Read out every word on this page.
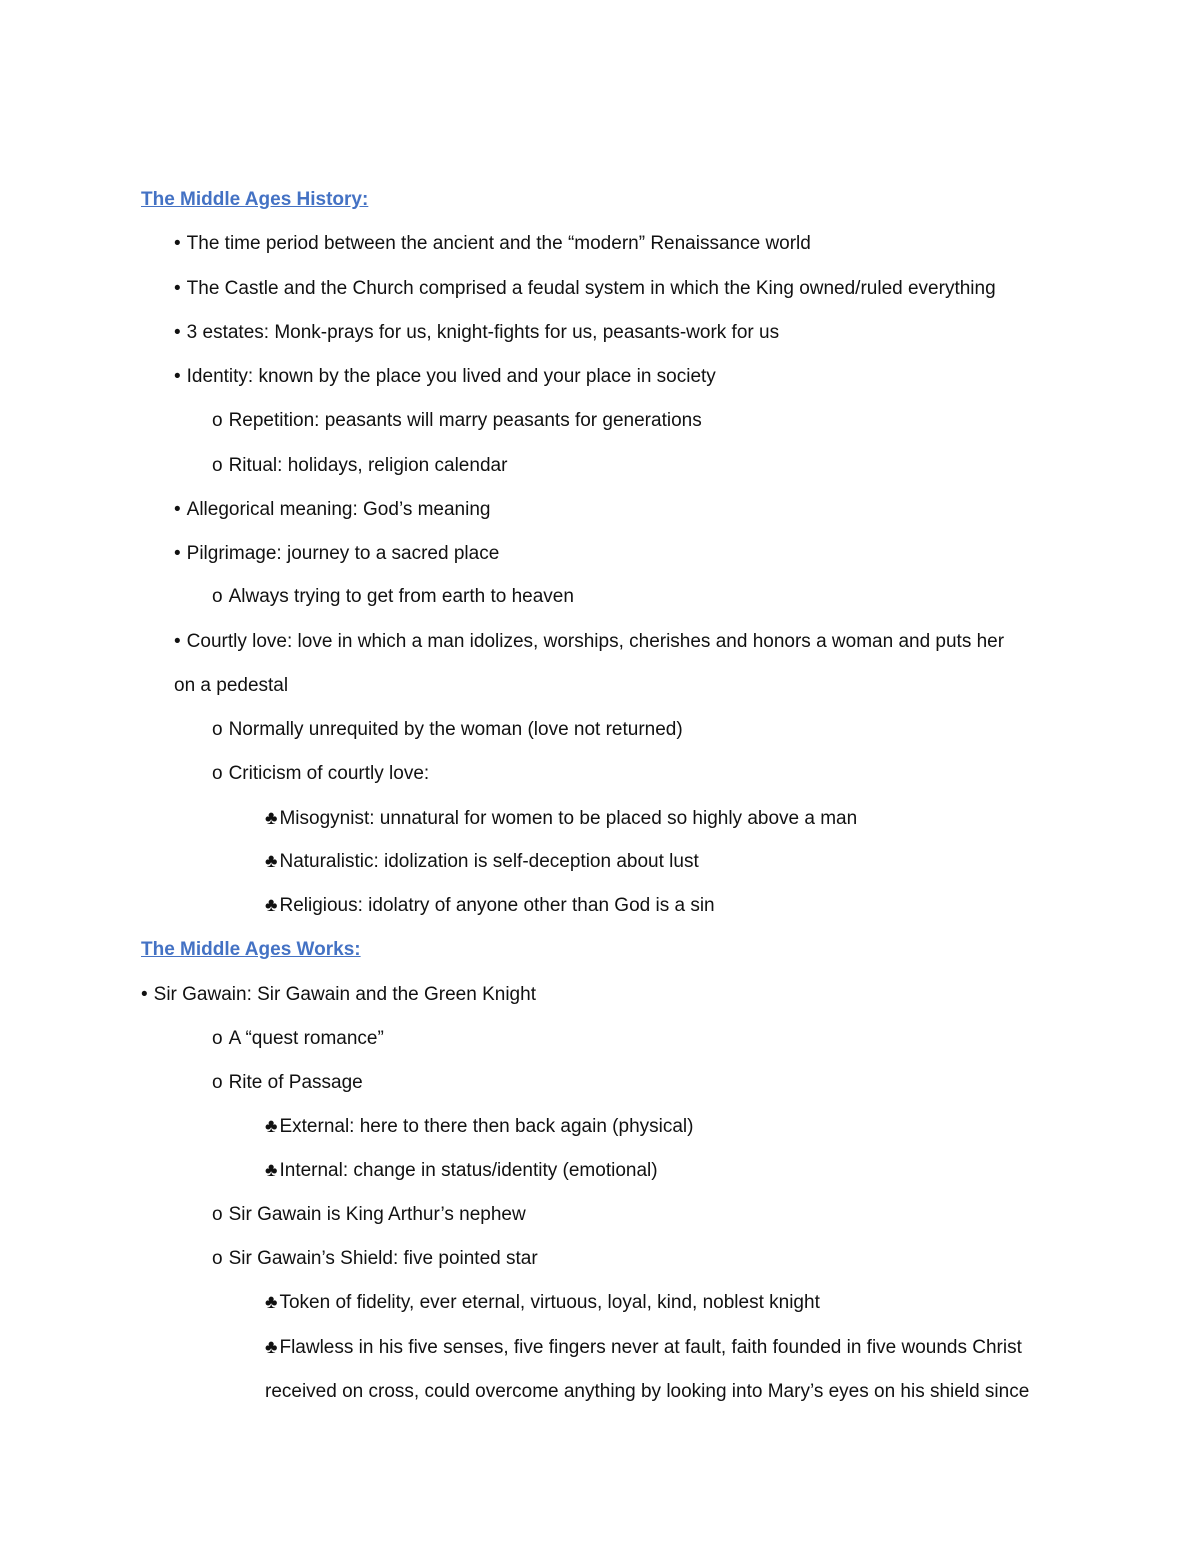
The Middle Ages History:
• The time period between the ancient and the “modern” Renaissance world
• The Castle and the Church comprised a feudal system in which the King owned/ruled everything
• 3 estates: Monk-prays for us, knight-fights for us, peasants-work for us
• Identity: known by the place you lived and your place in society
o Repetition: peasants will marry peasants for generations
o Ritual: holidays, religion calendar
• Allegorical meaning: God’s meaning
• Pilgrimage: journey to a sacred place
o Always trying to get from earth to heaven
• Courtly love: love in which a man idolizes, worships, cherishes and honors a woman and puts her
on a pedestal
o Normally unrequited by the woman (love not returned)
o Criticism of courtly love:
♣ Misogynist: unnatural for women to be placed so highly above a man
♣ Naturalistic: idolization is self-deception about lust
♣ Religious: idolatry of anyone other than God is a sin
The Middle Ages Works:
• Sir Gawain: Sir Gawain and the Green Knight
o A “quest romance”
o Rite of Passage
♣ External: here to there then back again (physical)
♣ Internal: change in status/identity (emotional)
o Sir Gawain is King Arthur’s nephew
o Sir Gawain’s Shield: five pointed star
♣ Token of fidelity, ever eternal, virtuous, loyal, kind, noblest knight
♣ Flawless in his five senses, five fingers never at fault, faith founded in five wounds Christ
received on cross, could overcome anything by looking into Mary’s eyes on his shield since
